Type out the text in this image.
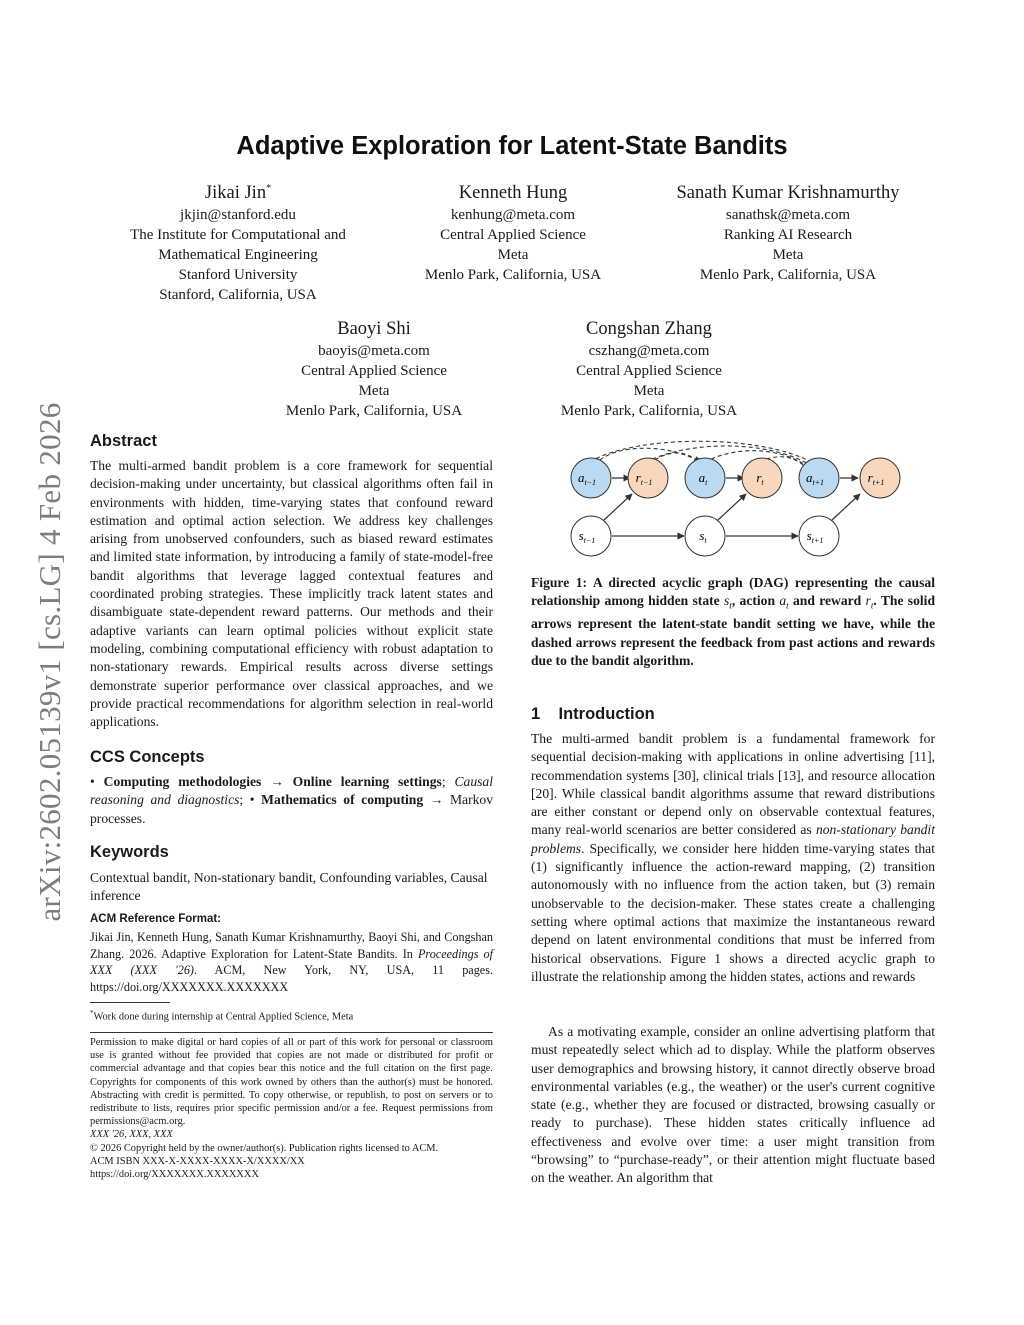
arXiv:2602.05139v1 [cs.LG] 4 Feb 2026
Adaptive Exploration for Latent-State Bandits
Jikai Jin*
jkjin@stanford.edu
The Institute for Computational and
Mathematical Engineering
Stanford University
Stanford, California, USA
Kenneth Hung
kenhung@meta.com
Central Applied Science
Meta
Menlo Park, California, USA
Sanath Kumar Krishnamurthy
sanathsk@meta.com
Ranking AI Research
Meta
Menlo Park, California, USA
Baoyi Shi
baoyis@meta.com
Central Applied Science
Meta
Menlo Park, California, USA
Congshan Zhang
cszhang@meta.com
Central Applied Science
Meta
Menlo Park, California, USA
Abstract
The multi-armed bandit problem is a core framework for sequential decision-making under uncertainty, but classical algorithms often fail in environments with hidden, time-varying states that confound reward estimation and optimal action selection. We address key challenges arising from unobserved confounders, such as biased reward estimates and limited state information, by introducing a family of state-model-free bandit algorithms that leverage lagged contextual features and coordinated probing strategies. These implicitly track latent states and disambiguate state-dependent reward patterns. Our methods and their adaptive variants can learn optimal policies without explicit state modeling, combining computational efficiency with robust adaptation to non-stationary rewards. Empirical results across diverse settings demonstrate superior performance over classical approaches, and we provide practical recommendations for algorithm selection in real-world applications.
CCS Concepts
• Computing methodologies → Online learning settings; Causal reasoning and diagnostics; • Mathematics of computing → Markov processes.
Keywords
Contextual bandit, Non-stationary bandit, Confounding variables, Causal inference
ACM Reference Format:
Jikai Jin, Kenneth Hung, Sanath Kumar Krishnamurthy, Baoyi Shi, and Congshan Zhang. 2026. Adaptive Exploration for Latent-State Bandits. In Proceedings of XXX (XXX '26). ACM, New York, NY, USA, 11 pages. https://doi.org/XXXXXXX.XXXXXXX
*Work done during internship at Central Applied Science, Meta
Permission to make digital or hard copies of all or part of this work for personal or classroom use is granted without fee provided that copies are not made or distributed for profit or commercial advantage and that copies bear this notice and the full citation on the first page. Copyrights for components of this work owned by others than the author(s) must be honored. Abstracting with credit is permitted. To copy otherwise, or republish, to post on servers or to redistribute to lists, requires prior specific permission and/or a fee. Request permissions from permissions@acm.org.
XXX '26, XXX, XXX
© 2026 Copyright held by the owner/author(s). Publication rights licensed to ACM.
ACM ISBN XXX-X-XXXX-XXXX-X/XXXX/XX
https://doi.org/XXXXXXX.XXXXXXX
$a_{t-1}$	$r_{t-1}$	$a_t$	$r_t$	$a_{t+1}$	$r_{t+1}$
$s_{t-1}$	$s_t$	$s_{t+1}$
Figure 1: A directed acyclic graph (DAG) representing the causal relationship among hidden state $s_t$, action $a_t$ and reward $r_t$. The solid arrows represent the latent-state bandit setting we have, while the dashed arrows represent the feedback from past actions and rewards due to the bandit algorithm.
1    Introduction
The multi-armed bandit problem is a fundamental framework for sequential decision-making with applications in online advertising [11], recommendation systems [30], clinical trials [13], and resource allocation [20]. While classical bandit algorithms assume that reward distributions are either constant or depend only on observable contextual features, many real-world scenarios are better considered as non-stationary bandit problems. Specifically, we consider here hidden time-varying states that (1) significantly influence the action-reward mapping, (2) transition autonomously with no influence from the action taken, but (3) remain unobservable to the decision-maker. These states create a challenging setting where optimal actions that maximize the instantaneous reward depend on latent environmental conditions that must be inferred from historical observations. Figure 1 shows a directed acyclic graph to illustrate the relationship among the hidden states, actions and rewards
As a motivating example, consider an online advertising platform that must repeatedly select which ad to display. While the platform observes user demographics and browsing history, it cannot directly observe broad environmental variables (e.g., the weather) or the user's current cognitive state (e.g., whether they are focused or distracted, browsing casually or ready to purchase). These hidden states critically influence ad effectiveness and evolve over time: a user might transition from “browsing” to “purchase-ready”, or their attention might fluctuate based on the weather. An algorithm that
